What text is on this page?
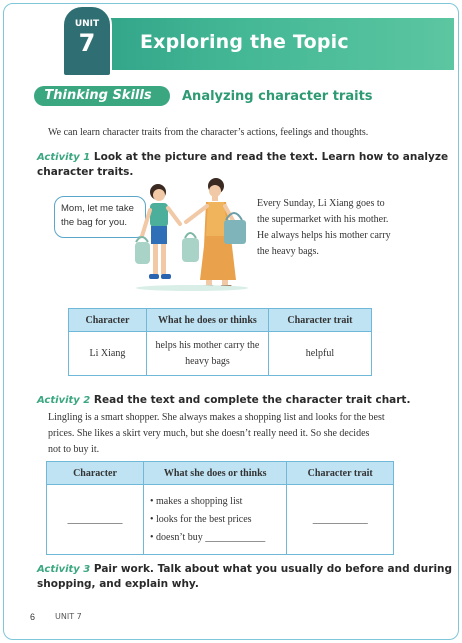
Exploring the Topic
UNIT
7
Thinking Skills	Analyzing character traits
We can learn character traits from the character’s actions, feelings and thoughts.
Activity 1 Look at the picture and read the text. Learn how to analyze
character traits.
Mom, let me take the bag for you.
Every Sunday, Li Xiang goes to
the supermarket with his mother.
He always helps his mother carry
the heavy bags.
Character	What he does or thinks	Character trait
Li Xiang	helps his mother carry the
heavy bags	helpful
Activity 2 Read the text and complete the character trait chart.
Lingling is a smart shopper. She always makes a shopping list and looks for the best
prices. She likes a skirt very much, but she doesn’t really need it. So she decides
not to buy it.
Character	What she does or thinks	Character trait
___________	• makes a shopping list
• looks for the best prices
• doesn’t buy ____________	___________
Activity 3 Pair work. Talk about what you usually do before and during
shopping, and explain why.
6 UNIT 7
